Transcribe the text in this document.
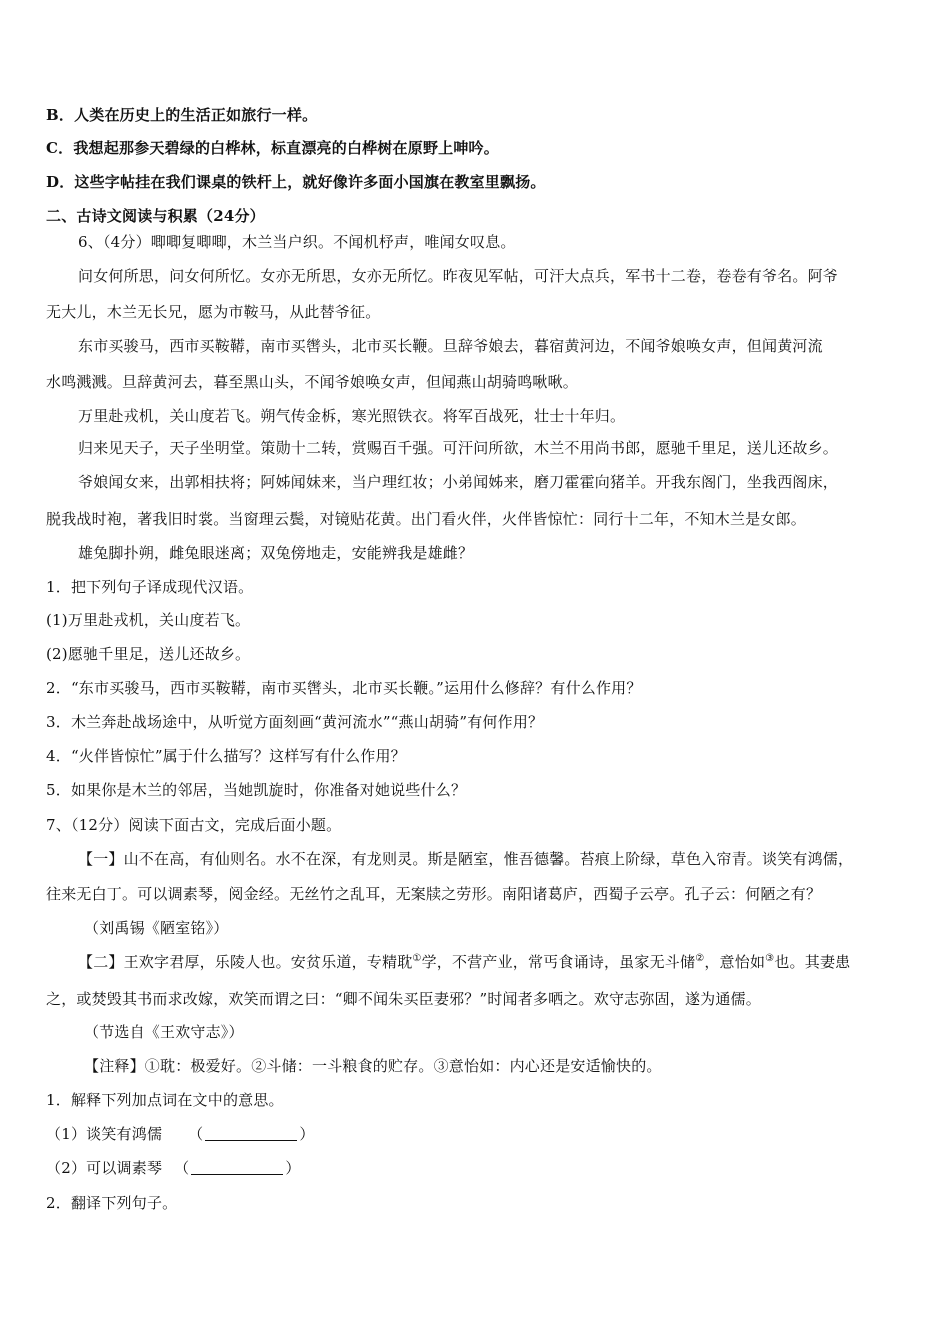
B．人类在历史上的生活正如旅行一样。
C．我想起那参天碧绿的白桦林，标直漂亮的白桦树在原野上呻吟。
D．这些字帖挂在我们课桌的铁杆上，就好像许多面小国旗在教室里飘扬。
二、古诗文阅读与积累（24分）
6、（4分）唧唧复唧唧，木兰当户织。不闻机杼声，唯闻女叹息。
问女何所思，问女何所忆。女亦无所思，女亦无所忆。昨夜见军帖，可汗大点兵，军书十二卷，卷卷有爷名。阿爷
无大儿，木兰无长兄，愿为市鞍马，从此替爷征。
东市买骏马，西市买鞍鞯，南市买辔头，北市买长鞭。旦辞爷娘去，暮宿黄河边，不闻爷娘唤女声，但闻黄河流
水鸣溅溅。旦辞黄河去，暮至黑山头，不闻爷娘唤女声，但闻燕山胡骑鸣啾啾。
万里赴戎机，关山度若飞。朔气传金柝，寒光照铁衣。将军百战死，壮士十年归。
归来见天子，天子坐明堂。策勋十二转，赏赐百千强。可汗问所欲，木兰不用尚书郎，愿驰千里足，送儿还故乡。
爷娘闻女来，出郭相扶将；阿姊闻妹来，当户理红妆；小弟闻姊来，磨刀霍霍向猪羊。开我东阁门，坐我西阁床，
脱我战时袍，著我旧时裳。当窗理云鬓，对镜贴花黄。出门看火伴，火伴皆惊忙：同行十二年，不知木兰是女郎。
雄兔脚扑朔，雌兔眼迷离；双兔傍地走，安能辨我是雄雌？
1．把下列句子译成现代汉语。
(1)万里赴戎机，关山度若飞。
(2)愿驰千里足，送儿还故乡。
2．“东市买骏马，西市买鞍鞯，南市买辔头，北市买长鞭。”运用什么修辞？有什么作用？
3．木兰奔赴战场途中，从听觉方面刻画“黄河流水”“燕山胡骑”有何作用？
4．“火伴皆惊忙”属于什么描写？这样写有什么作用？
5．如果你是木兰的邻居，当她凯旋时，你准备对她说些什么？
7、（12分）阅读下面古文，完成后面小题。
【一】山不在高，有仙则名。水不在深，有龙则灵。斯是陋室，惟吾德馨。苔痕上阶绿，草色入帘青。谈笑有鸿儒，
往来无白丁。可以调素琴，阅金经。无丝竹之乱耳，无案牍之劳形。南阳诸葛庐，西蜀子云亭。孔子云：何陋之有？
（刘禹锡《陋室铭》）
【二】王欢字君厚，乐陵人也。安贫乐道，专精耽①学，不营产业，常丐食诵诗，虽家无斗储②，意怡如③也。其妻患
之，或焚毁其书而求改嫁，欢笑而谓之曰：“卿不闻朱买臣妻邪？”时闻者多哂之。欢守志弥固，遂为通儒。
（节选自《王欢守志》）
【注释】①耽：极爱好。②斗储：一斗粮食的贮存。③意怡如：内心还是安适愉快的。
1．解释下列加点词在文中的意思。
（1）谈笑有鸿儒 （	）
（2）可以调素琴 （	）
2．翻译下列句子。
